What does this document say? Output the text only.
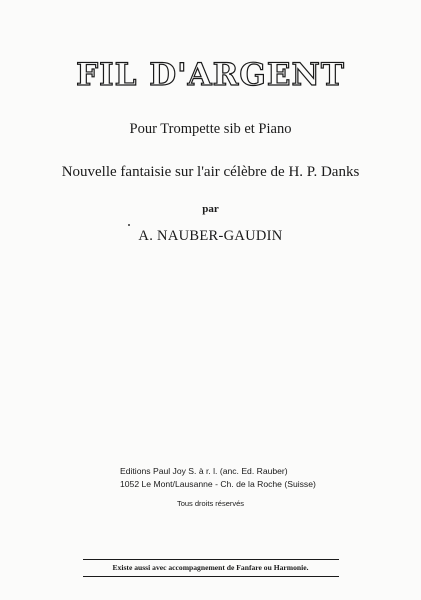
FIL D'ARGENT
Pour Trompette sib et Piano
Nouvelle fantaisie sur l'air célèbre de H. P. Danks
par
A. NAUBER-GAUDIN
Editions Paul Joy S. à r. l. (anc. Ed. Rauber)
1052 Le Mont/Lausanne - Ch. de la Roche (Suisse)
Tous droits réservés
Existe aussi avec accompagnement de Fanfare ou Harmonie.
